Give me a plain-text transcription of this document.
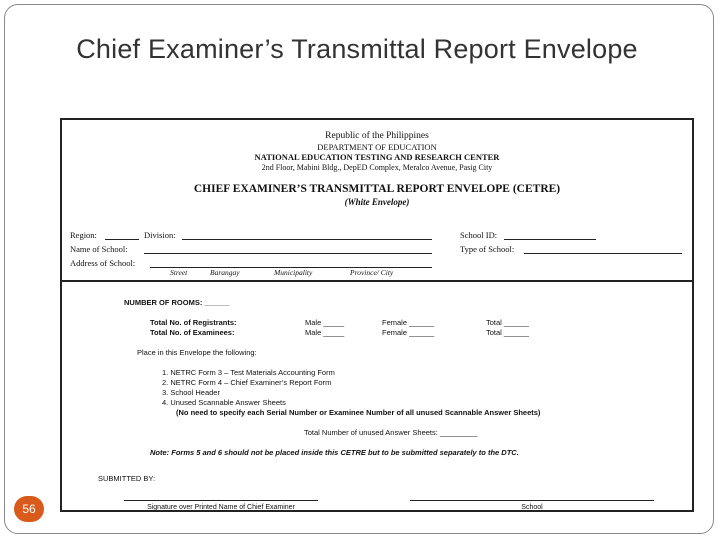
Chief Examiner’s Transmittal Report Envelope
Republic of the Philippines
DEPARTMENT OF EDUCATION
NATIONAL EDUCATION TESTING AND RESEARCH CENTER
2nd Floor, Mabini Bldg., DepED Complex, Meralco Avenue, Pasig City
CHIEF EXAMINER’S TRANSMITTAL REPORT ENVELOPE (CETRE)
(White Envelope)
Region:	Division:	School ID:
Name of School:	Type of School:
Address of School:
Street	Barangay	Municipality	Province/ City
NUMBER OF ROOMS: ______
Total No. of Registrants:	Male _____	Female ______	Total ______
Total No. of Examinees:	Male _____	Female ______	Total ______
Place in this Envelope the following:
1. NETRC Form 3 – Test Materials Accounting Form
2. NETRC Form 4 – Chief Examiner’s Report Form
3. School Header
4. Unused Scannable Answer Sheets
(No need to specify each Serial Number or Examinee Number of all unused Scannable Answer Sheets)
Total Number of unused Answer Sheets: _________
Note: Forms 5 and 6 should not be placed inside this CETRE but to be submitted separately to the DTC.
SUBMITTED BY:
Signature over Printed Name of Chief Examiner	School
56
